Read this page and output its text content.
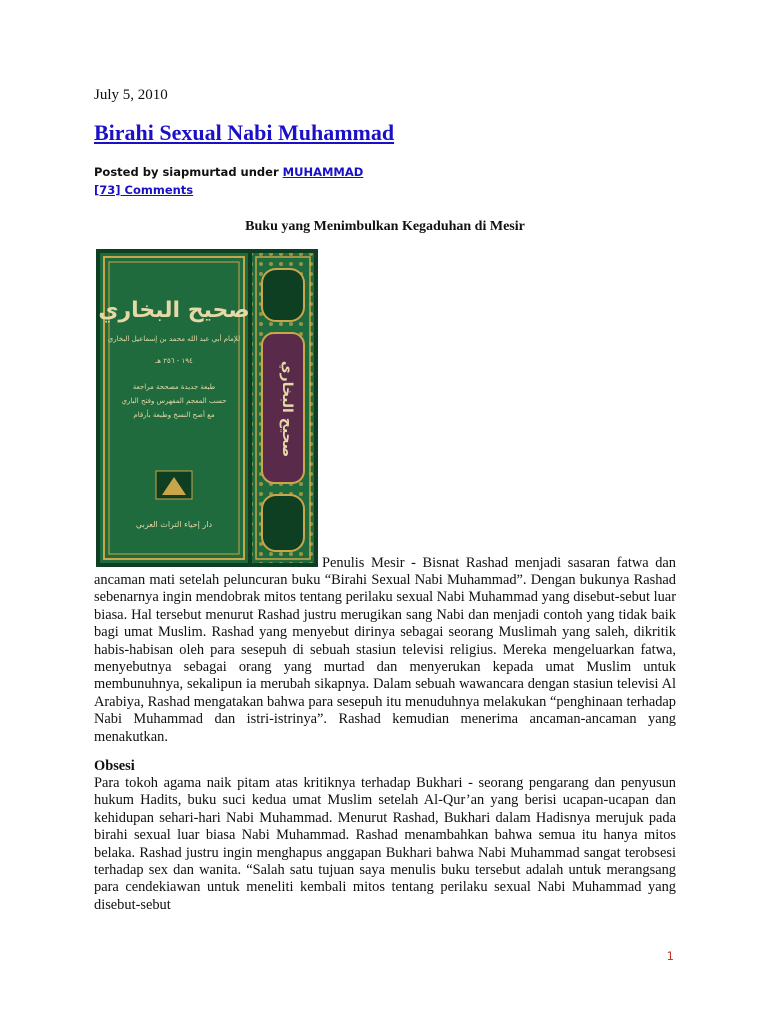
July 5, 2010
Birahi Sexual Nabi Muhammad
Posted by siapmurtad under MUHAMMAD
[73] Comments
Buku yang Menimbulkan Kegaduhan di Mesir
صحيح البخاري
للإمام أبي عبد الله محمد بن إسماعيل البخاري
١٩٤ - ٢٥٦ هـ
طبعة جديدة مصححة مراجعة
حسب المعجم المفهرس وفتح الباري
مع أصح النسخ وطبعة بأرقام
دار إحياء التراث العربي
صحيح البخاري

Penulis Mesir - Bisnat Rashad menjadi sasaran fatwa dan

ancaman mati setelah peluncuran buku “Birahi Sexual Nabi Muhammad”. Dengan bukunya Rashad sebenarnya ingin mendobrak mitos tentang perilaku sexual Nabi Muhammad yang disebut-sebut luar biasa. Hal tersebut menurut Rashad justru merugikan sang Nabi dan menjadi contoh yang tidak baik bagi umat Muslim. Rashad yang menyebut dirinya sebagai seorang Muslimah yang saleh, dikritik habis-habisan oleh para sesepuh di sebuah stasiun televisi religius. Mereka mengeluarkan fatwa, menyebutnya sebagai orang yang murtad dan menyerukan kepada umat Muslim untuk membunuhnya, sekalipun ia merubah sikapnya. Dalam sebuah wawancara dengan stasiun televisi Al Arabiya, Rashad mengatakan bahwa para sesepuh itu menuduhnya melakukan “penghinaan terhadap Nabi Muhammad dan istri-istrinya”. Rashad kemudian menerima ancaman-ancaman yang menakutkan.

Obsesi

Para tokoh agama naik pitam atas kritiknya terhadap Bukhari - seorang pengarang dan penyusun hukum Hadits, buku suci kedua umat Muslim setelah Al-Qur’an yang berisi ucapan-ucapan dan kehidupan sehari-hari Nabi Muhammad. Menurut Rashad, Bukhari dalam Hadisnya merujuk pada birahi sexual luar biasa Nabi Muhammad. Rashad menambahkan bahwa semua itu hanya mitos belaka. Rashad justru ingin menghapus anggapan Bukhari bahwa Nabi Muhammad sangat terobsesi terhadap sex dan wanita. “Salah satu tujuan saya menulis buku tersebut adalah untuk merangsang para cendekiawan untuk meneliti kembali mitos tentang perilaku sexual Nabi Muhammad yang disebut-sebut

1
